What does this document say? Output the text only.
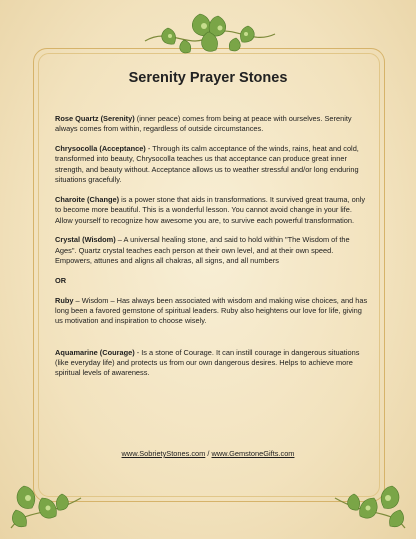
Serenity Prayer Stones

Rose Quartz (Serenity) (inner peace) comes from being at peace with ourselves. Serenity always comes from within, regardless of outside circumstances.

Chrysocolla (Acceptance) - Through its calm acceptance of the winds, rains, heat and cold, transformed into beauty, Chrysocolla teaches us that acceptance can produce great inner strength, and beauty without. Acceptance allows us to weather stressful and/or long enduring situations gracefully.

Charoite (Change) is a power stone that aids in transformations. It survived great trauma, only to become more beautiful. This is a wonderful lesson. You cannot avoid change in your life. Allow yourself to recognize how awesome you are, to survive each powerful transformation.

Crystal (Wisdom) – A universal healing stone, and said to hold within "The Wisdom of the Ages". Quartz crystal teaches each person at their own level, and at their own speed. Empowers, attunes and aligns all chakras, all signs, and all numbers

OR

Ruby – Wisdom – Has always been associated with wisdom and making wise choices, and has long been a favored gemstone of spiritual leaders. Ruby also heightens our love for life, giving us motivation and inspiration to choose wisely.

Aquamarine (Courage) - Is a stone of Courage. It can instill courage in dangerous situations (like everyday life) and protects us from our own dangerous desires. Helps to achieve more spiritual levels of awareness.

www.SobrietyStones.com / www.GemstoneGifts.com
